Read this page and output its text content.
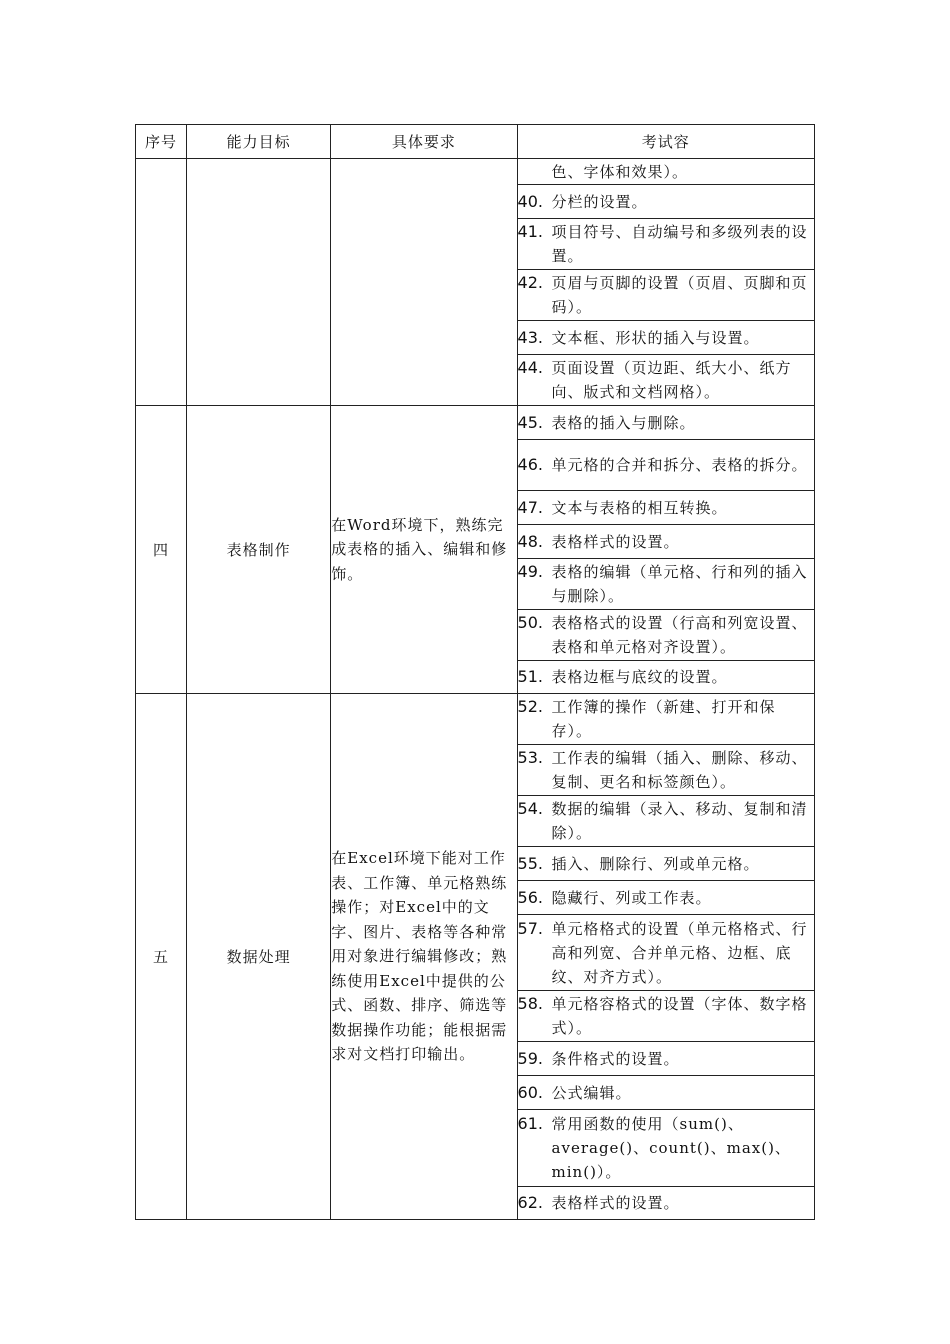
序号	能力目标	具体要求	考试容

			色、字体和效果）。

			40. 分栏的设置。

			41. 项目符号、自动编号和多级列表的设置。

			42. 页眉与页脚的设置（页眉、页脚和页码）。

			43. 文本框、形状的插入与设置。

			44. 页面设置（页边距、纸大小、纸方向、版式和文档网格）。

四	表格制作	在Word环境下，熟练完成表格的插入、编辑和修饰。	45. 表格的插入与删除。

			46. 单元格的合并和拆分、表格的拆分。

			47. 文本与表格的相互转换。

			48. 表格样式的设置。

			49. 表格的编辑（单元格、行和列的插入与删除）。

			50. 表格格式的设置（行高和列宽设置、表格和单元格对齐设置）。

			51. 表格边框与底纹的设置。

五	数据处理	在Excel环境下能对工作表、工作簿、单元格熟练操作；对Excel中的文字、图片、表格等各种常用对象进行编辑修改；熟练使用Excel中提供的公式、函数、排序、筛选等数据操作功能；能根据需求对文档打印输出。	52. 工作簿的操作（新建、打开和保存）。

			53. 工作表的编辑（插入、删除、移动、复制、更名和标签颜色）。

			54. 数据的编辑（录入、移动、复制和清除）。

			55. 插入、删除行、列或单元格。

			56. 隐藏行、列或工作表。

			57. 单元格格式的设置（单元格格式、行高和列宽、合并单元格、边框、底纹、对齐方式）。

			58. 单元格容格式的设置（字体、数字格式）。

			59. 条件格式的设置。

			60. 公式编辑。

			61. 常用函数的使用（sum()、average()、count()、max()、min()）。

			62. 表格样式的设置。
